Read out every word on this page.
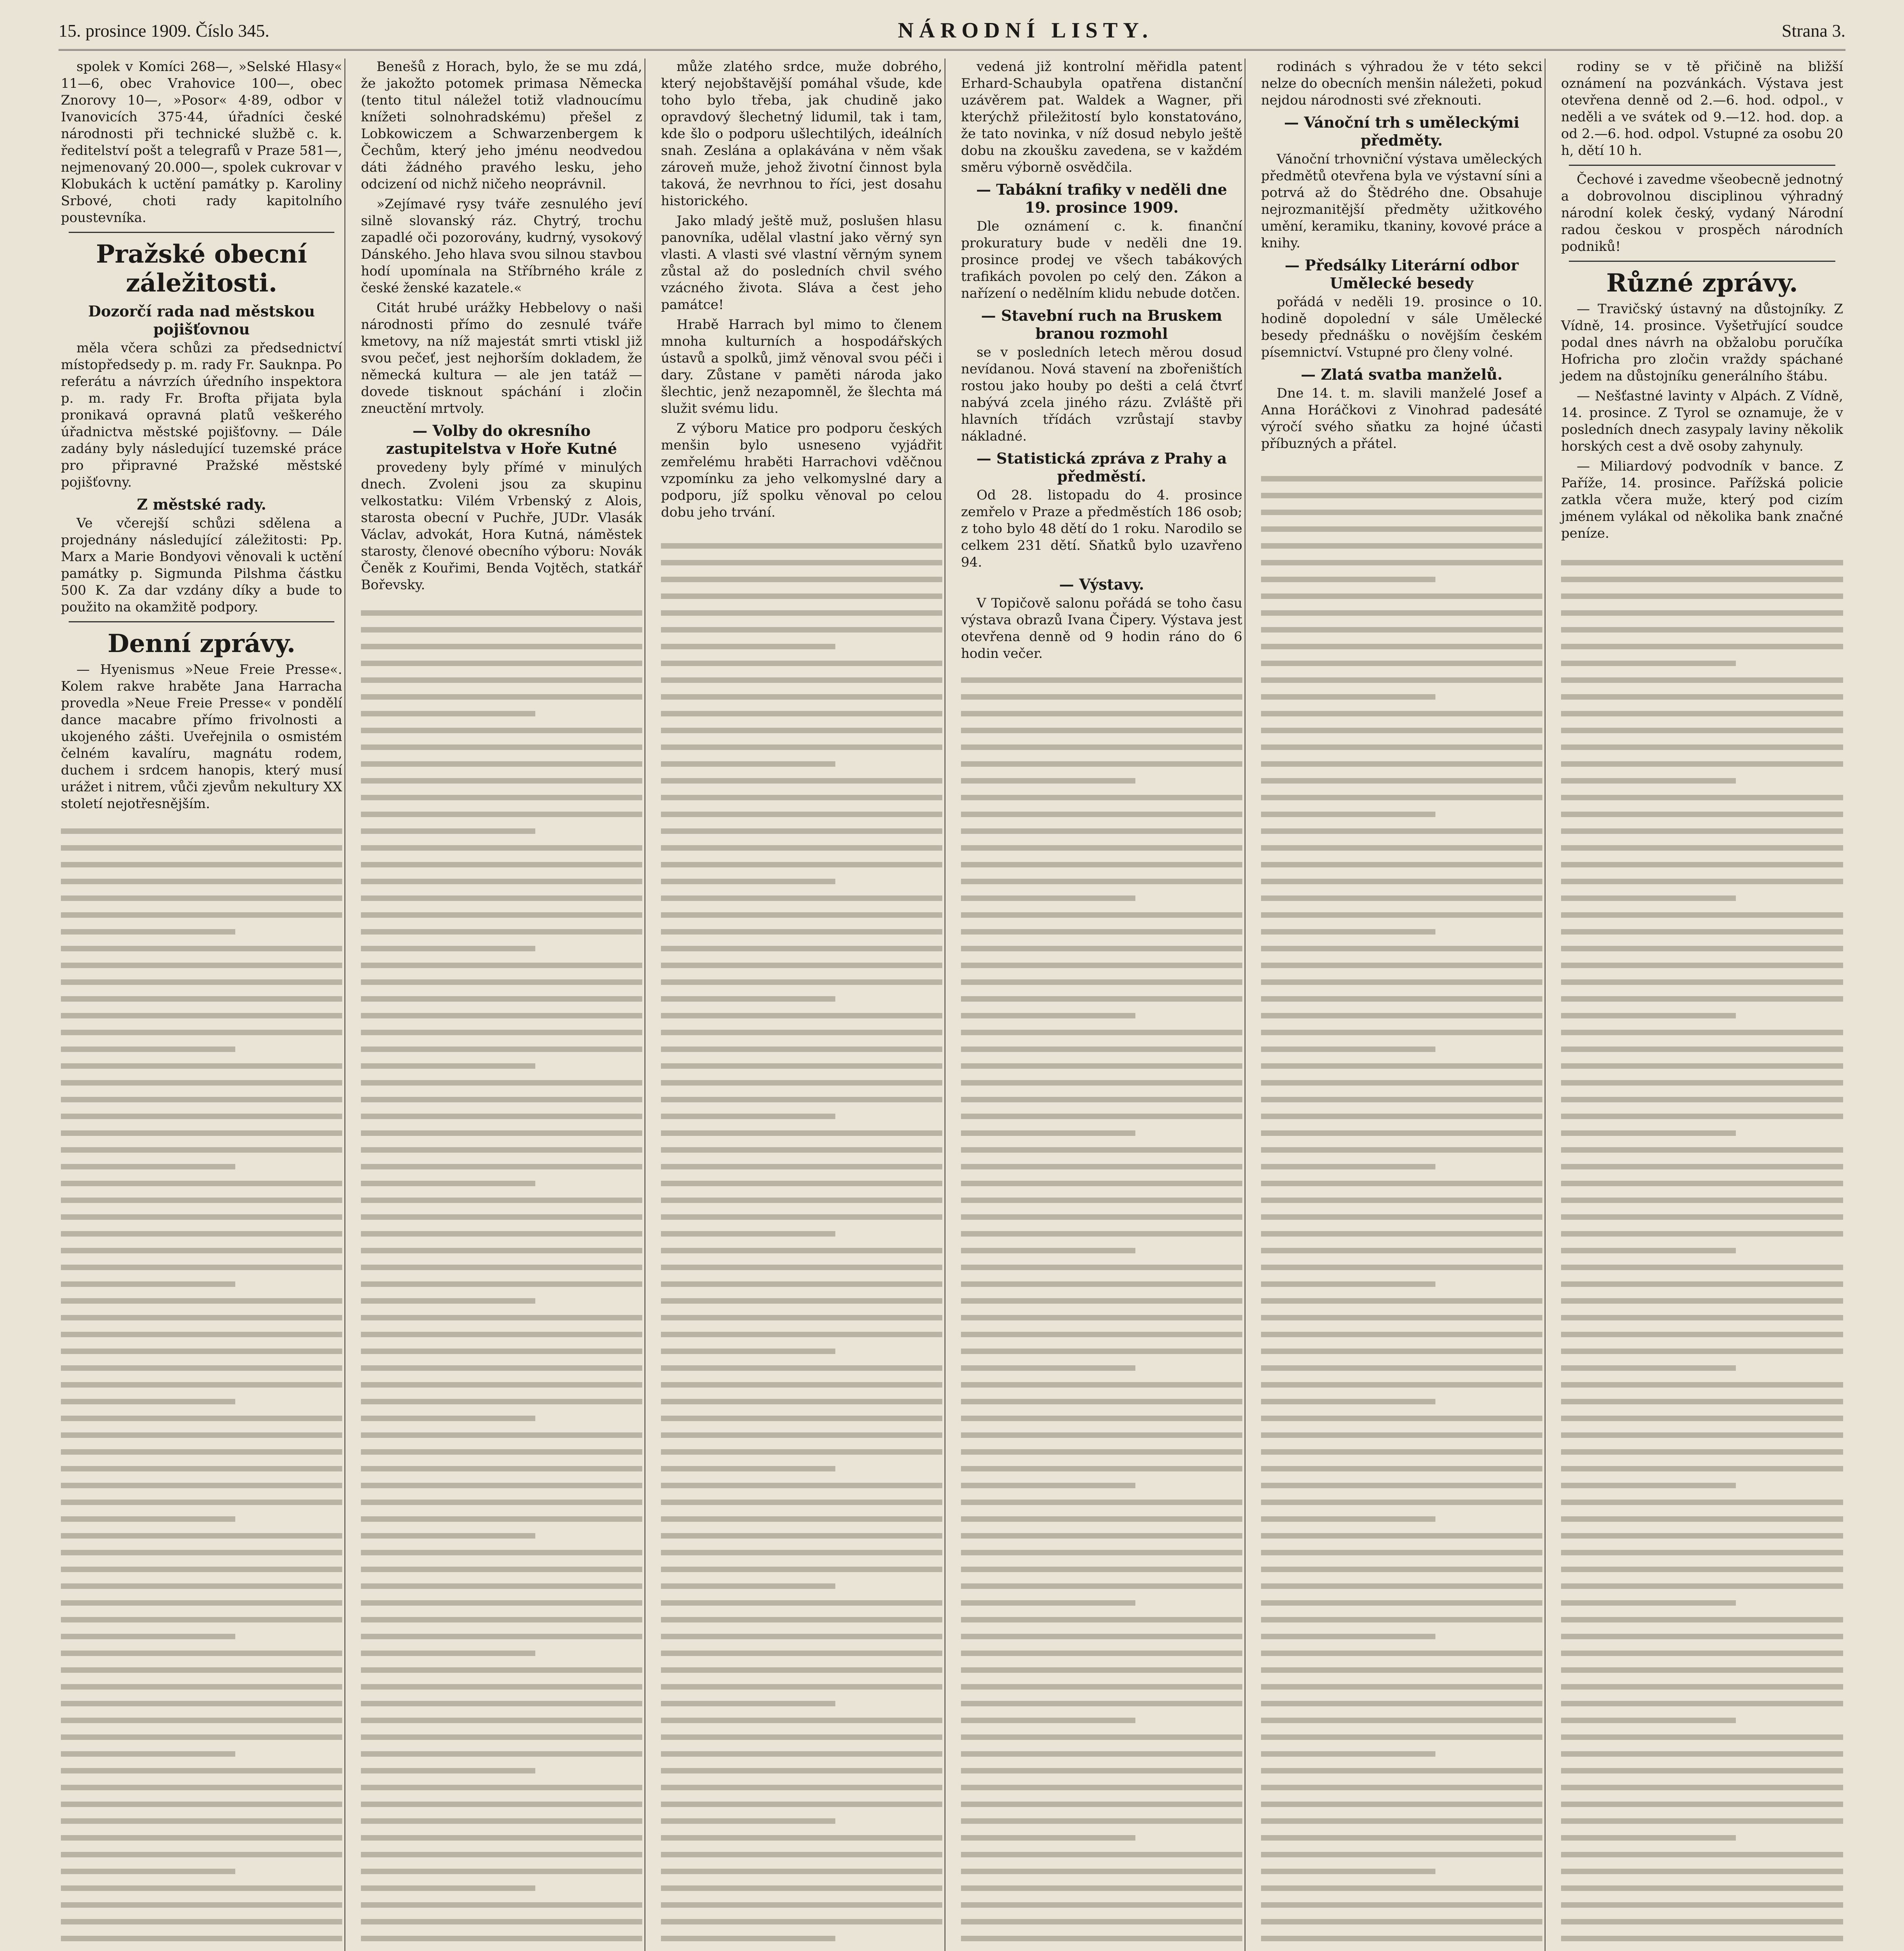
15. prosince 1909. Číslo 345.	NÁRODNÍ LISTY.	Strana 3.

spolek v Komíci 268—, »Selské Hlasy« 11—6, obec Vrahovice 100—, obec Znorovy 10—, »Posor« 4·89, odbor v Ivanovicích 375·44, úřadníci české národnosti při technické službě c. k. ředitelství pošt a telegrafů v Praze 581—, nejmenovaný 20.000—, spolek cukrovar v Klobukách k uctění památky p. Karoliny Srbové, choti rady kapitolního poustevníka.

Pražské obecní záležitosti.
Dozorčí rada nad městskou pojišťovnou

měla včera schůzi za předsednictví místopředsedy p. m. rady Fr. Sauknpa. Po referátu a návrzích úředního inspektora p. m. rady Fr. Brofta přijata byla pronikavá opravná platů veškerého úřadnictva městské pojišťovny. — Dále zadány byly následující tuzemské práce pro připravné Pražské městské pojišťovny.

Z městské rady.

Ve včerejší schůzi sdělena a projednány následující záležitosti: Pp. Marx a Marie Bondyovi věnovali k uctění památky p. Sigmunda Pilshma částku 500 K. Za dar vzdány díky a bude to použito na okamžitě podpory.

Denní zprávy.

— Hyenismus »Neue Freie Presse«. Kolem rakve hraběte Jana Harracha provedla »Neue Freie Presse« v pondělí dance macabre přímo frivolnosti a ukojeného zášti. Uveřejnila o osmistém čelném kavalíru, magnátu rodem, duchem i srdcem hanopis, který musí urážet i nitrem, vůči zjevům nekultury XX století nejotřesnějším.

Benešů z Horach, bylo, že se mu zdá, že jakožto potomek primasa Německa (tento titul náležel totiž vladnoucímu knížeti solnohradskému) přešel z Lobkowiczem a Schwarzenbergem k Čechům, který jeho jménu neodvedou dáti žádného pravého lesku, jeho odcizení od nichž ničeho neoprávnil.

»Zejímavé rysy tváře zesnulého jeví silně slovanský ráz. Chytrý, trochu zapadlé oči pozorovány, kudrný, vysokový Dánského. Jeho hlava svou silnou stavbou hodí upomínala na Stříbrného krále z české ženské kazatele.«

Citát hrubé urážky Hebbelovy o naši národnosti přímo do zesnulé tváře kmetovy, na níž majestát smrti vtiskl již svou pečeť, jest nejhorším dokladem, že německá kultura — ale jen tatáž — dovede tisknout spáchání i zločin zneuctění mrtvoly.

— Volby do okresního zastupitelstva v Hoře Kutné

provedeny byly přímé v minulých dnech. Zvoleni jsou za skupinu velkostatku: Vilém Vrbenský z Alois, starosta obecní v Puchře, JUDr. Vlasák Václav, advokát, Hora Kutná, náměstek starosty, členové obecního výboru: Novák Čeněk z Kouřimi, Benda Vojtěch, statkář Bořevsky.

může zlatého srdce, muže dobrého, který nejobštavější pomáhal všude, kde toho bylo třeba, jak chudině jako opravdový šlechetný lidumil, tak i tam, kde šlo o podporu ušlechtilých, ideálních snah. Zeslána a oplakávána v něm však zároveň muže, jehož životní činnost byla taková, že nevrhnou to říci, jest dosahu historického.

Jako mladý ještě muž, poslušen hlasu panovníka, udělal vlastní jako věrný syn vlasti. A vlasti své vlastní věrným synem zůstal až do posledních chvil svého vzácného života. Sláva a čest jeho památce!

Hrabě Harrach byl mimo to členem mnoha kulturních a hospodářských ústavů a spolků, jimž věnoval svou péči i dary. Zůstane v paměti národa jako šlechtic, jenž nezapomněl, že šlechta má služit svému lidu.

Z výboru Matice pro podporu českých menšin bylo usneseno vyjádřit zemřelému hraběti Harrachovi vděčnou vzpomínku za jeho velkomyslné dary a podporu, jíž spolku věnoval po celou dobu jeho trvání.

vedená již kontrolní měřidla patent Erhard-Schaubyla opatřena distanční uzávěrem pat. Waldek a Wagner, při kterýchž přiležitostí bylo konstatováno, že tato novinka, v níž dosud nebylo ještě dobu na zkoušku zavedena, se v každém směru výborně osvědčila.

— Tabákní trafiky v neděli dne 19. prosince 1909.

Dle oznámení c. k. finanční prokuratury bude v neděli dne 19. prosince prodej ve všech tabákových trafikách povolen po celý den. Zákon a nařízení o nedělním klidu nebude dotčen.

— Stavební ruch na Bruskem branou rozmohl

se v posledních letech měrou dosud nevídanou. Nová stavení na zbořeništích rostou jako houby po dešti a celá čtvrť nabývá zcela jiného rázu. Zvláště při hlavních třídách vzrůstají stavby nákladné.

— Statistická zpráva z Prahy a předměstí.

Od 28. listopadu do 4. prosince zemřelo v Praze a předměstích 186 osob; z toho bylo 48 dětí do 1 roku. Narodilo se celkem 231 dětí. Sňatků bylo uzavřeno 94.

— Výstavy.

V Topičově salonu pořádá se toho času výstava obrazů Ivana Čipery. Výstava jest otevřena denně od 9 hodin ráno do 6 hodin večer.

rodinách s výhradou že v této sekci nelze do obecních menšin náležeti, pokud nejdou národnosti své zřeknouti.

— Vánoční trh s uměleckými předměty.

Vánoční trhovniční výstava uměleckých předmětů otevřena byla ve výstavní síni a potrvá až do Štědrého dne. Obsahuje nejrozmanitější předměty užitkového umění, keramiku, tkaniny, kovové práce a knihy.

— Předsálky Literární odbor Umělecké besedy

pořádá v neděli 19. prosince o 10. hodině dopolední v sále Umělecké besedy přednášku o novějším českém písemnictví. Vstupné pro členy volné.

— Zlatá svatba manželů.

Dne 14. t. m. slavili manželé Josef a Anna Horáčkovi z Vinohrad padesáté výročí svého sňatku za hojné účasti příbuzných a přátel.

rodiny se v tě přičině na bližší oznámení na pozvánkách. Výstava jest otevřena denně od 2.—6. hod. odpol., v neděli a ve svátek od 9.—12. hod. dop. a od 2.—6. hod. odpol. Vstupné za osobu 20 h, dětí 10 h.

Čechové i zavedme všeobecně jednotný a dobrovolnou disciplinou výhradný národní kolek český, vydaný Národní radou českou v prospěch národních podniků!

Různé zprávy.

— Travičský ústavný na důstojníky. Z Vídně, 14. prosince. Vyšetřující soudce podal dnes návrh na obžalobu poručíka Hofricha pro zločin vraždy spáchané jedem na důstojníku generálního štábu.

— Nešťastné lavinty v Alpách. Z Vídně, 14. prosince. Z Tyrol se oznamuje, že v posledních dnech zasypaly laviny několik horských cest a dvě osoby zahynuly.

— Miliardový podvodník v bance. Z Paříže, 14. prosince. Pařížská policie zatkla včera muže, který pod cizím jménem vylákal od několika bank značné peníze.
